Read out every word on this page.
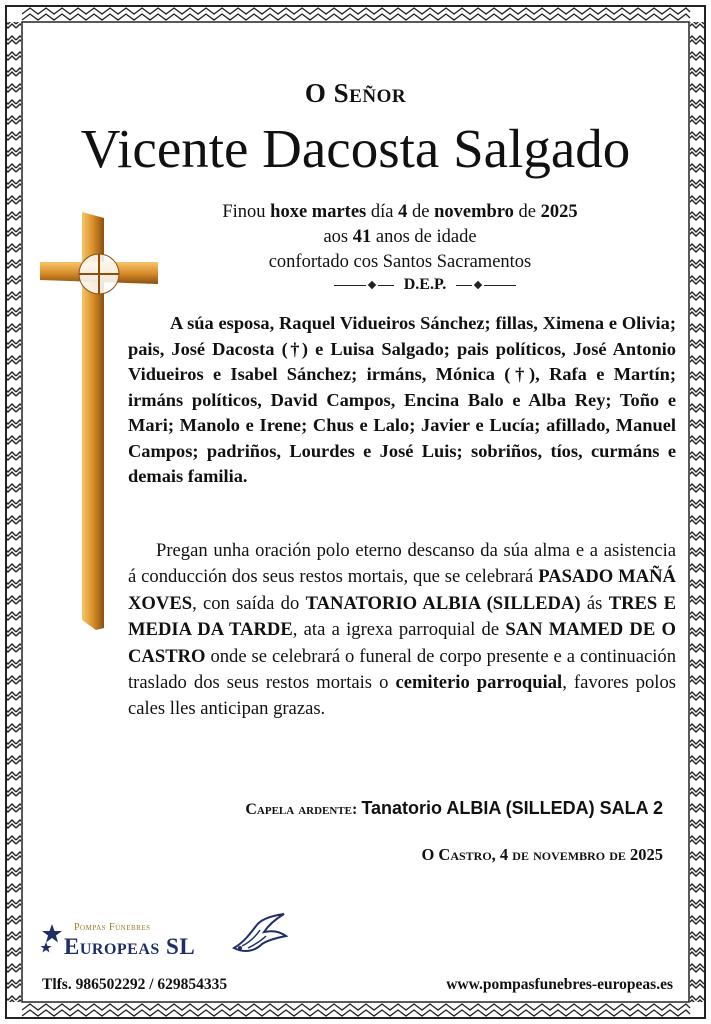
O Señor
Vicente Dacosta Salgado
Finou hoxe martes día 4 de novembro de 2025
aos 41 anos de idade
confortado cos Santos Sacramentos
D.E.P.
A súa esposa, Raquel Vidueiros Sánchez; fillas, Ximena e Olivia; pais, José Dacosta (†) e Luisa Salgado; pais políticos, José Antonio Vidueiros e Isabel Sánchez; irmáns, Mónica (†), Rafa e Martín; irmáns políticos, David Campos, Encina Balo e Alba Rey; Toño e Mari; Manolo e Irene; Chus e Lalo; Javier e Lucía; afillado, Manuel Campos; padriños, Lourdes e José Luis; sobriños, tíos, curmáns e demais familia.
Pregan unha oración polo eterno descanso da súa alma e a asistencia á conducción dos seus restos mortais, que se celebrará PASADO MAÑÁ XOVES, con saída do TANATORIO ALBIA (SILLEDA) ás TRES E MEDIA DA TARDE, ata a igrexa parroquial de SAN MAMED DE O CASTRO onde se celebrará o funeral de corpo presente e a continuación traslado dos seus restos mortais o cemiterio parroquial, favores polos cales lles anticipan grazas.
Capela ardente: Tanatorio ALBIA (SILLEDA) SALA 2
O Castro, 4 de novembro de 2025
Pompas Fúnebres
Europeas SL
Tlfs. 986502292 / 629854335	www.pompasfunebres-europeas.es
